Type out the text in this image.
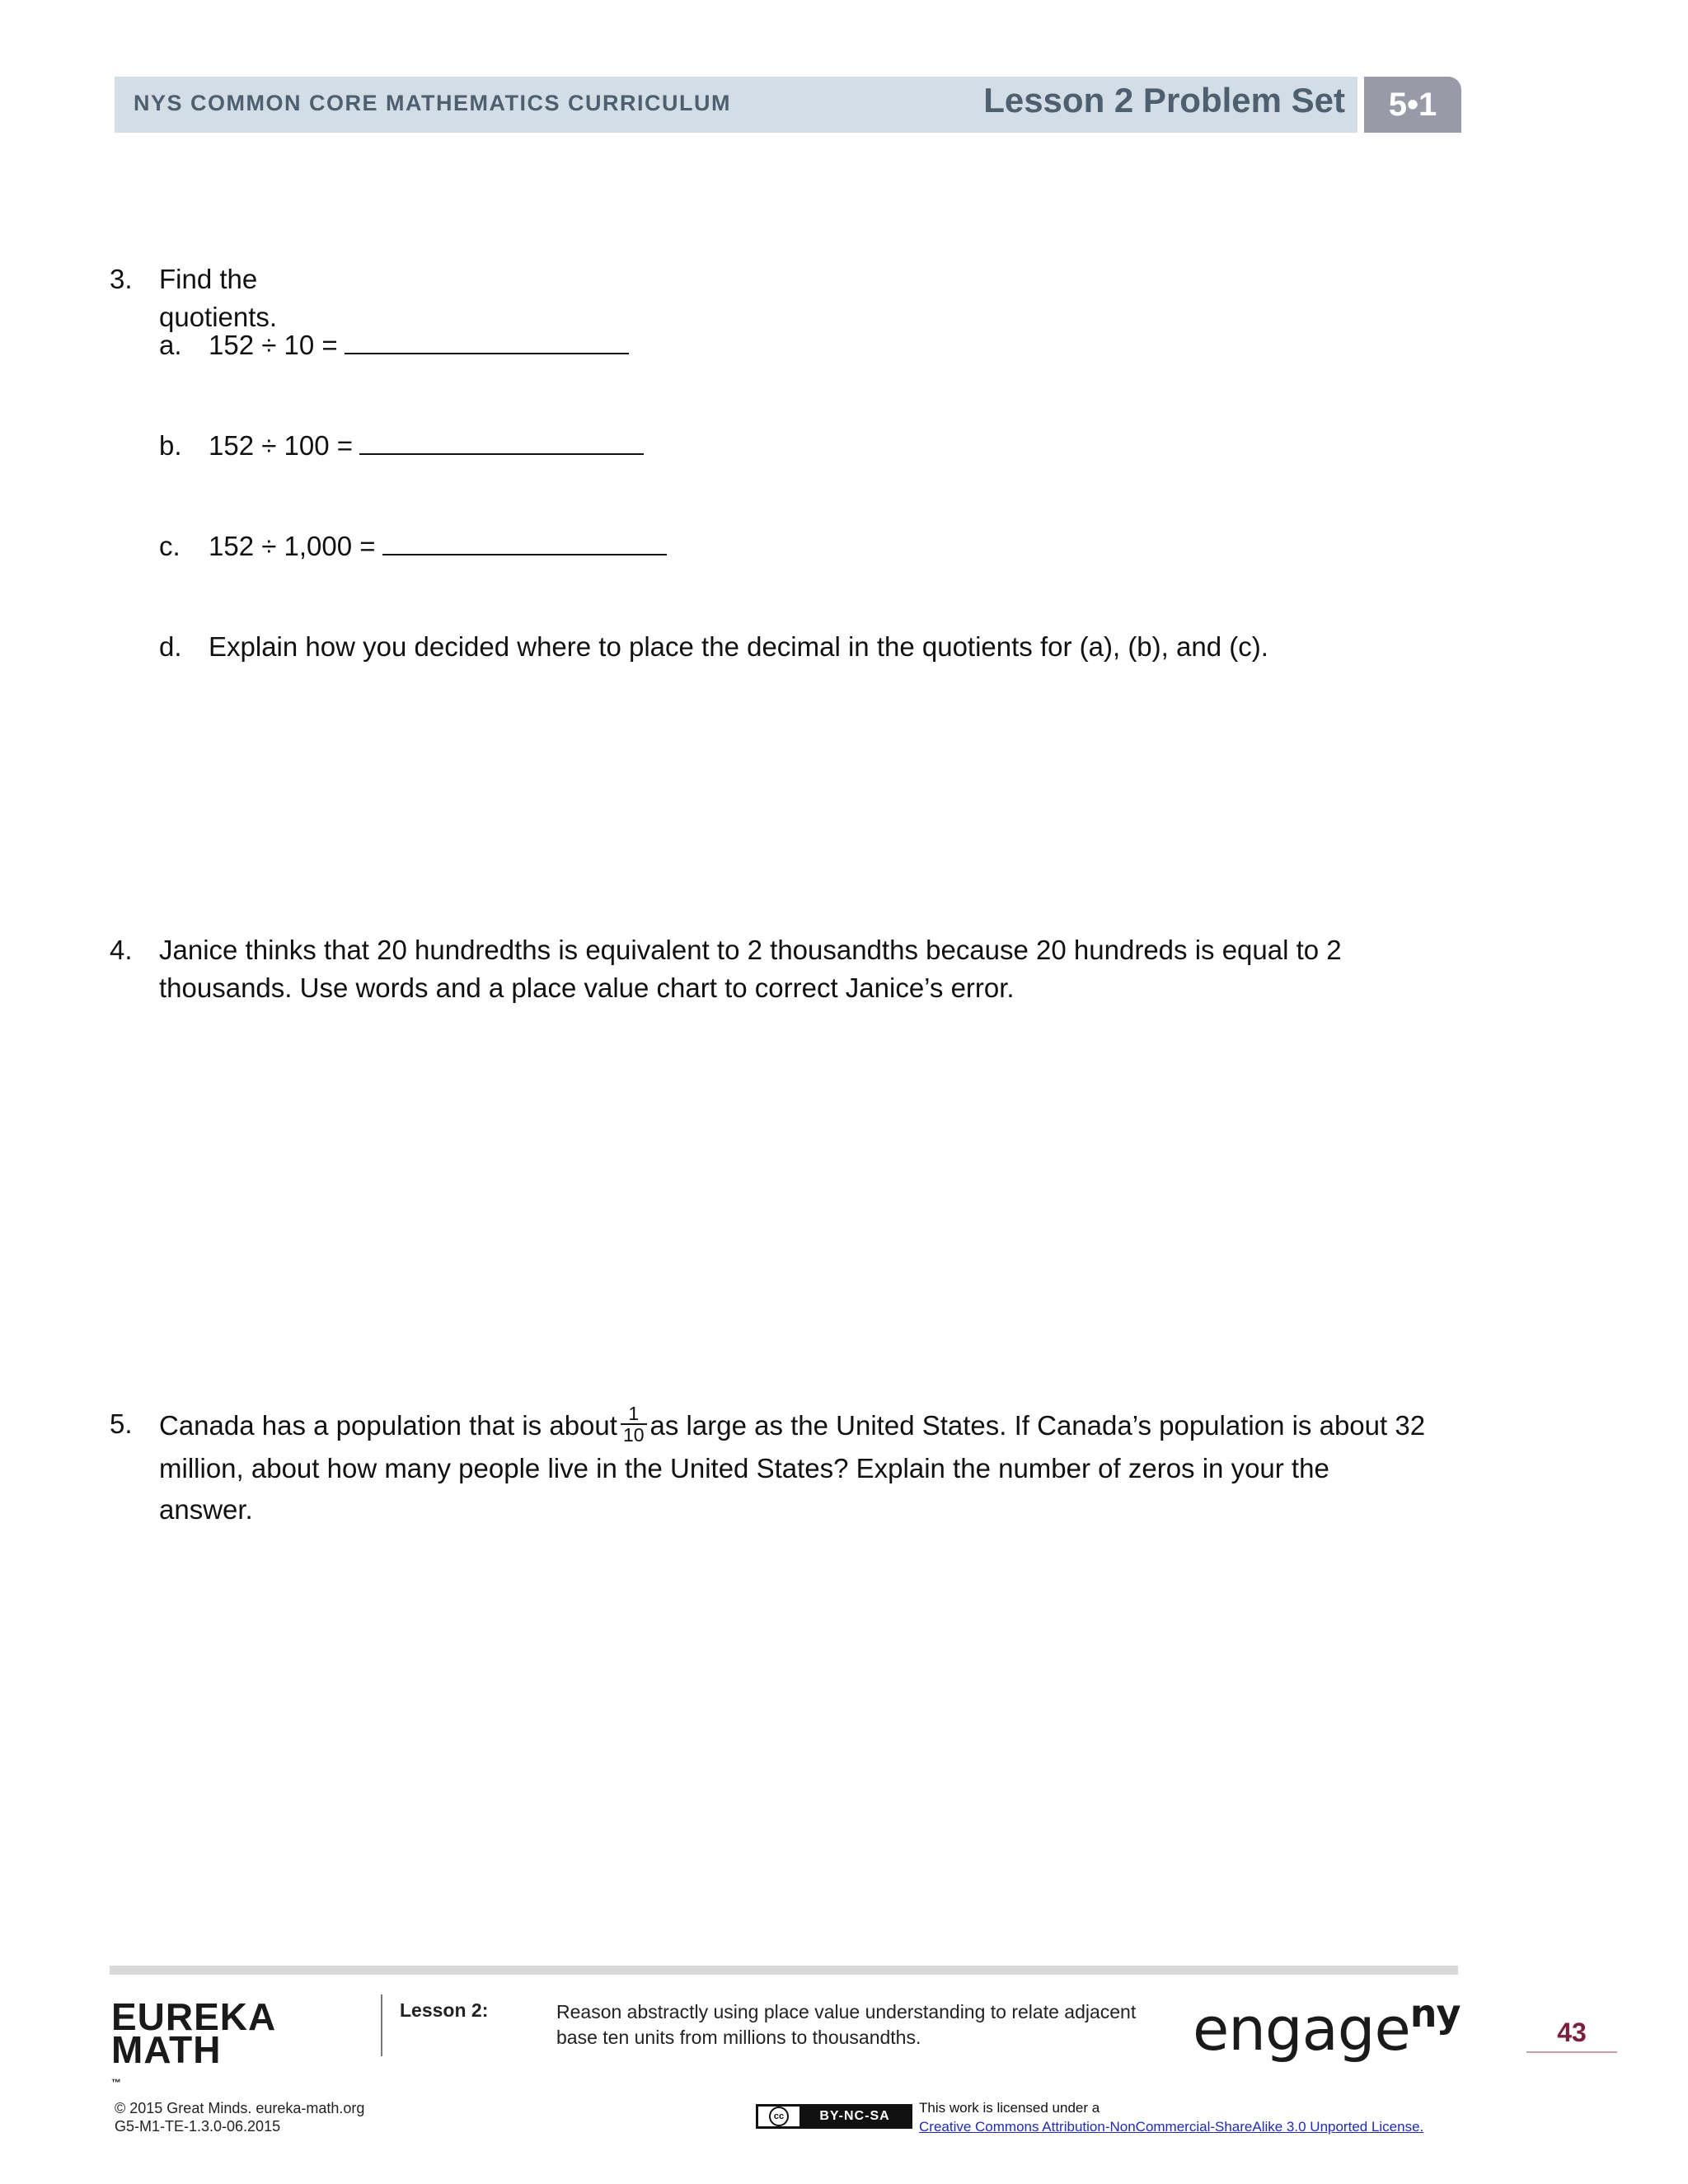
NYS COMMON CORE MATHEMATICS CURRICULUM	Lesson 2 Problem Set	5•1
3. Find the quotients.
a. 152 ÷ 10 =
b. 152 ÷ 100 =
c. 152 ÷ 1,000 =
d. Explain how you decided where to place the decimal in the quotients for (a), (b), and (c).
4. Janice thinks that 20 hundredths is equivalent to 2 thousandths because 20 hundreds is equal to 2
thousands. Use words and a place value chart to correct Janice’s error.
5. Canada has a population that is about $\frac{1}{10}$ as large as the United States. If Canada’s population is about 32
million, about how many people live in the United States? Explain the number of zeros in your the
answer.
EUREKA
MATH
™
Lesson 2:	Reason abstractly using place value understanding to relate adjacent
base ten units from millions to thousandths.	engage$^{ny}$	43
© 2015 Great Minds. eureka-math.org
G5-M1-TE-1.3.0-06.2015
cc	BY-NC-SA
This work is licensed under a
Creative Commons Attribution-NonCommercial-ShareAlike 3.0 Unported License.
